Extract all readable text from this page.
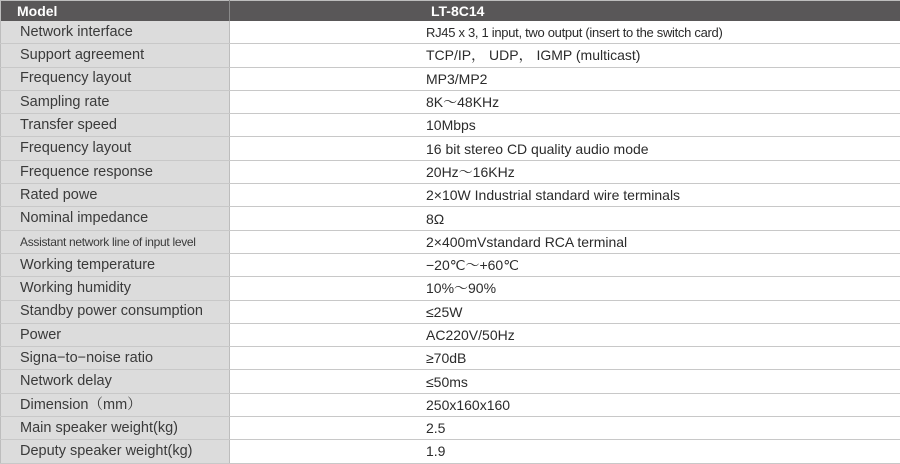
Model	LT-8C14
Network interface	RJ45 x 3, 1 input, two output (insert to the switch card)
Support agreement	TCP/IP， UDP， IGMP (multicast)
Frequency layout	MP3/MP2
Sampling rate	8K～48KHz
Transfer speed	10Mbps
Frequency layout	16 bit stereo CD quality audio mode
Frequence response	20Hz～16KHz
Rated powe	2×10W Industrial standard wire terminals
Nominal impedance	8Ω
Assistant network line of input level	2×400mVstandard RCA terminal
Working temperature	−20℃～+60℃
Working humidity	10%～90%
Standby power consumption	≤25W
Power	AC220V/50Hz
Signa−to−noise ratio	≥70dB
Network delay	≤50ms
Dimension（mm）	250x160x160
Main speaker weight(kg)	2.5
Deputy speaker weight(kg)	1.9
